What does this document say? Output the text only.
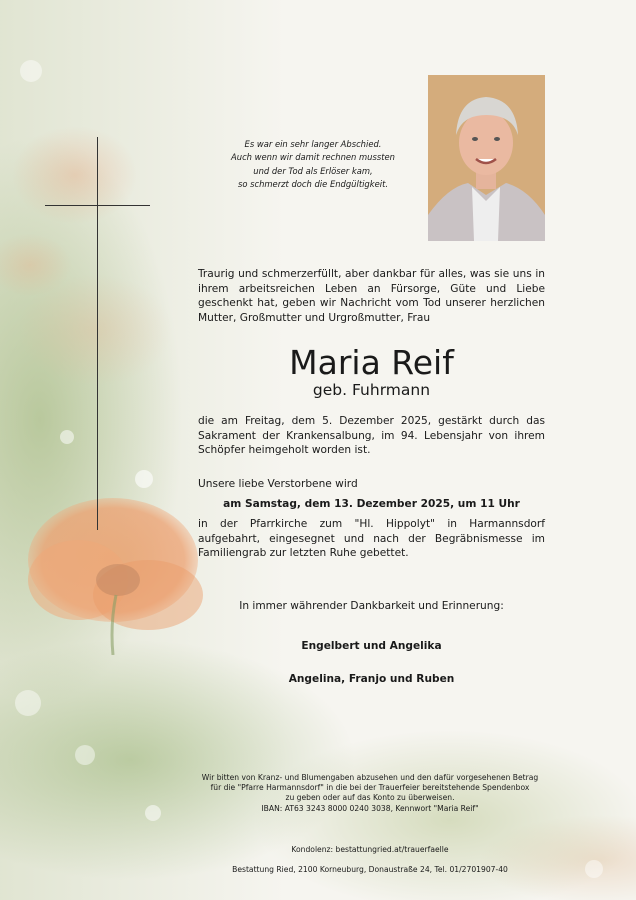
Es war ein sehr langer Abschied.
Auch wenn wir damit rechnen mussten
und der Tod als Erlöser kam,
so schmerzt doch die Endgültigkeit.
Traurig und schmerzerfüllt, aber dankbar für alles, was sie uns in ihrem arbeitsreichen Leben an Fürsorge, Güte und Liebe geschenkt hat, geben wir Nachricht vom Tod unserer herzlichen Mutter, Großmutter und Urgroßmutter, Frau
Maria Reif
geb. Fuhrmann
die am Freitag, dem 5. Dezember 2025, gestärkt durch das Sakrament der Krankensalbung, im 94. Lebensjahr von ihrem Schöpfer heimgeholt worden ist.
Unsere liebe Verstorbene wird
am Samstag, dem 13. Dezember 2025, um 11 Uhr
in der Pfarrkirche zum "Hl. Hippolyt" in Harmannsdorf aufgebahrt, eingesegnet und nach der Begräbnismesse im Familiengrab zur letzten Ruhe gebettet.
In immer währender Dankbarkeit und Erinnerung:
Engelbert und Angelika
Angelina, Franjo und Ruben
Wir bitten von Kranz- und Blumengaben abzusehen und den dafür vorgesehenen Betrag
für die "Pfarre Harmannsdorf" in die bei der Trauerfeier bereitstehende Spendenbox
zu geben oder auf das Konto zu überweisen.
IBAN: AT63 3243 8000 0240 3038, Kennwort "Maria Reif"
Kondolenz: bestattungried.at/trauerfaelle
Bestattung Ried, 2100 Korneuburg, Donaustraße 24, Tel. 01/2701907-40
